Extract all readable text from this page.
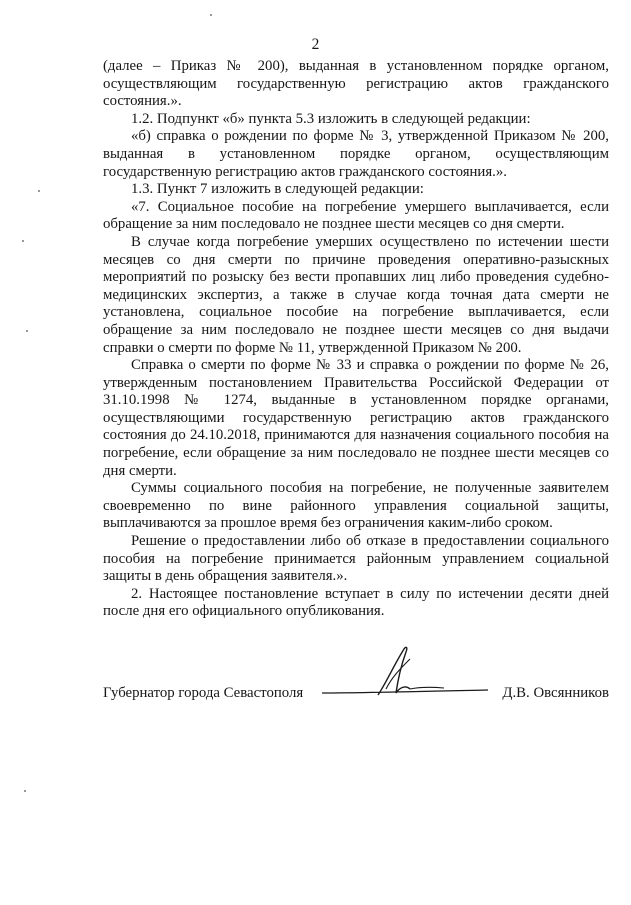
2

(далее – Приказ № 200), выданная в установленном порядке органом, осуществляющим государственную регистрацию актов гражданского состояния.».

1.2. Подпункт «б» пункта 5.3 изложить в следующей редакции:

«б) справка о рождении по форме № 3, утвержденной Приказом № 200, выданная в установленном порядке органом, осуществляющим государственную регистрацию актов гражданского состояния.».

1.3. Пункт 7 изложить в следующей редакции:

«7. Социальное пособие на погребение умершего выплачивается, если обращение за ним последовало не позднее шести месяцев со дня смерти.

В случае когда погребение умерших осуществлено по истечении шести месяцев со дня смерти по причине проведения оперативно-разыскных мероприятий по розыску без вести пропавших лиц либо проведения судебно-медицинских экспертиз, а также в случае когда точная дата смерти не установлена, социальное пособие на погребение выплачивается, если обращение за ним последовало не позднее шести месяцев со дня выдачи справки о смерти по форме № 11, утвержденной Приказом № 200.

Справка о смерти по форме № 33 и справка о рождении по форме № 26, утвержденным постановлением Правительства Российской Федерации от 31.10.1998 № 1274, выданные в установленном порядке органами, осуществляющими государственную регистрацию актов гражданского состояния до 24.10.2018, принимаются для назначения социального пособия на погребение, если обращение за ним последовало не позднее шести месяцев со дня смерти.

Суммы социального пособия на погребение, не полученные заявителем своевременно по вине районного управления социальной защиты, выплачиваются за прошлое время без ограничения каким-либо сроком.

Решение о предоставлении либо об отказе в предоставлении социального пособия на погребение принимается районным управлением социальной защиты в день обращения заявителя.».

2. Настоящее постановление вступает в силу по истечении десяти дней после дня его официального опубликования.

Губернатор города Севастополя	Д.В. Овсянников
